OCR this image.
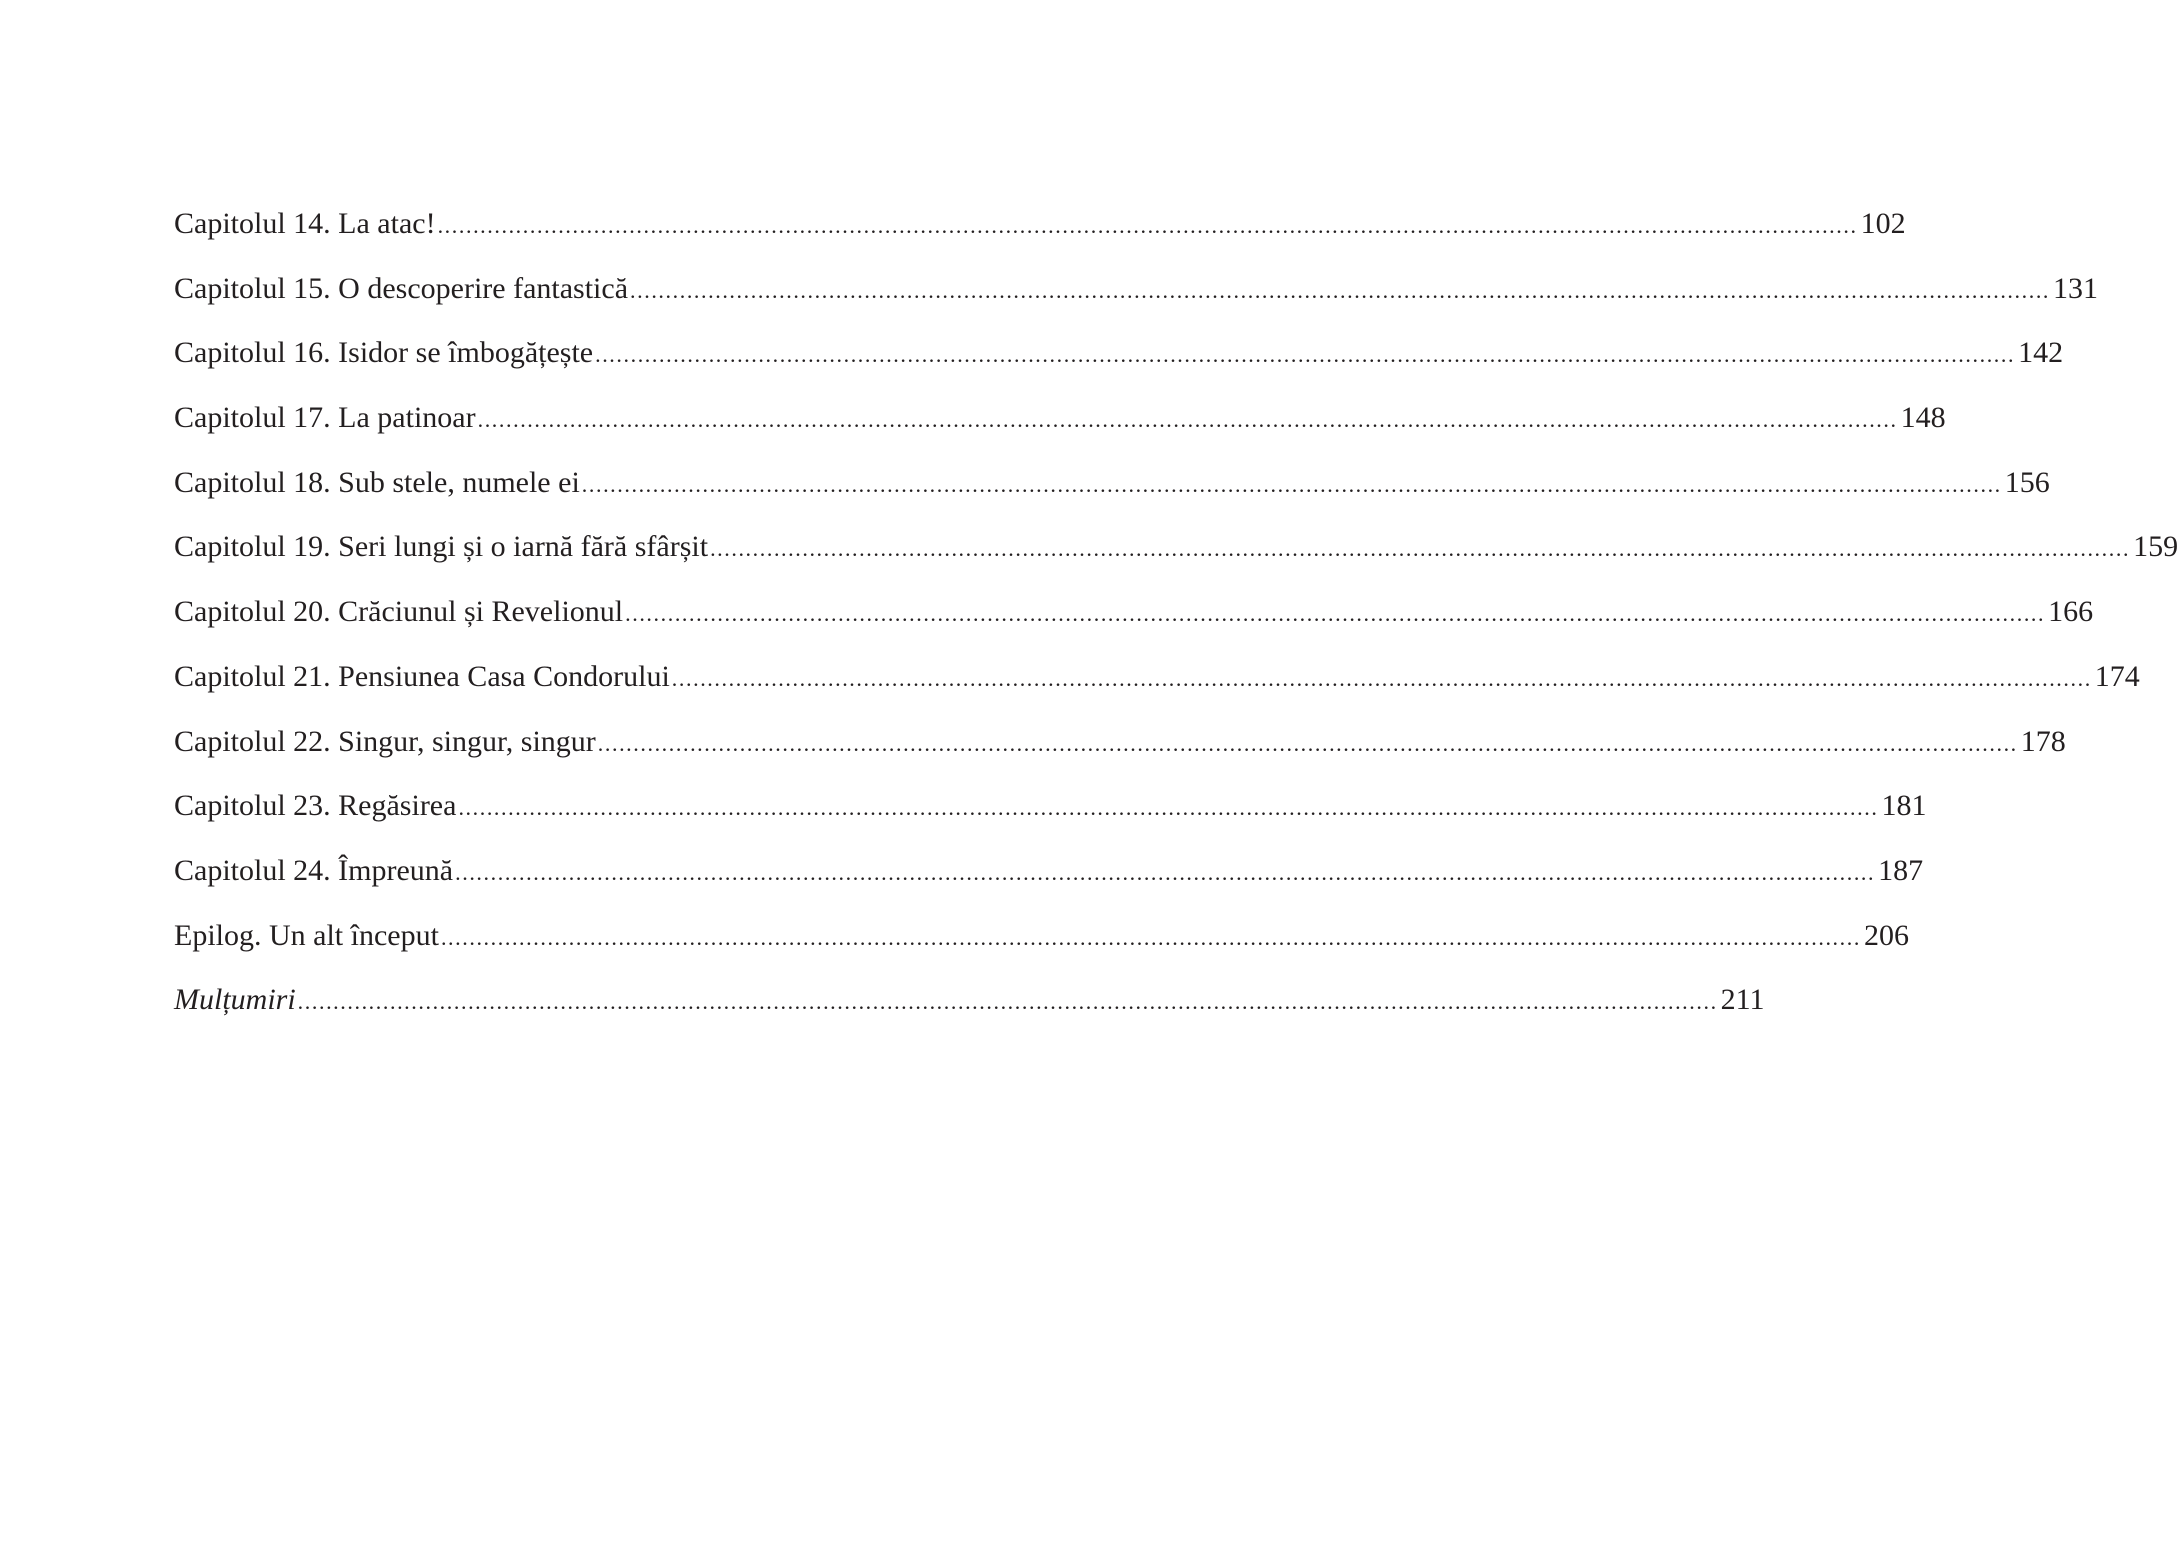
Capitolul 14. La atac! ........................................................................................................................................................................................................ 102
Capitolul 15. O descoperire fantastică ........................................................................................................................................................................................................ 131
Capitolul 16. Isidor se îmbogățește ........................................................................................................................................................................................................ 142
Capitolul 17. La patinoar ........................................................................................................................................................................................................ 148
Capitolul 18. Sub stele, numele ei ........................................................................................................................................................................................................ 156
Capitolul 19. Seri lungi și o iarnă fără sfârșit ........................................................................................................................................................................................................ 159
Capitolul 20. Crăciunul și Revelionul ........................................................................................................................................................................................................ 166
Capitolul 21. Pensiunea Casa Condorului ........................................................................................................................................................................................................ 174
Capitolul 22. Singur, singur, singur ........................................................................................................................................................................................................ 178
Capitolul 23. Regăsirea ........................................................................................................................................................................................................ 181
Capitolul 24. Împreună ........................................................................................................................................................................................................ 187
Epilog. Un alt început ........................................................................................................................................................................................................ 206
Mulțumiri ........................................................................................................................................................................................................ 211
